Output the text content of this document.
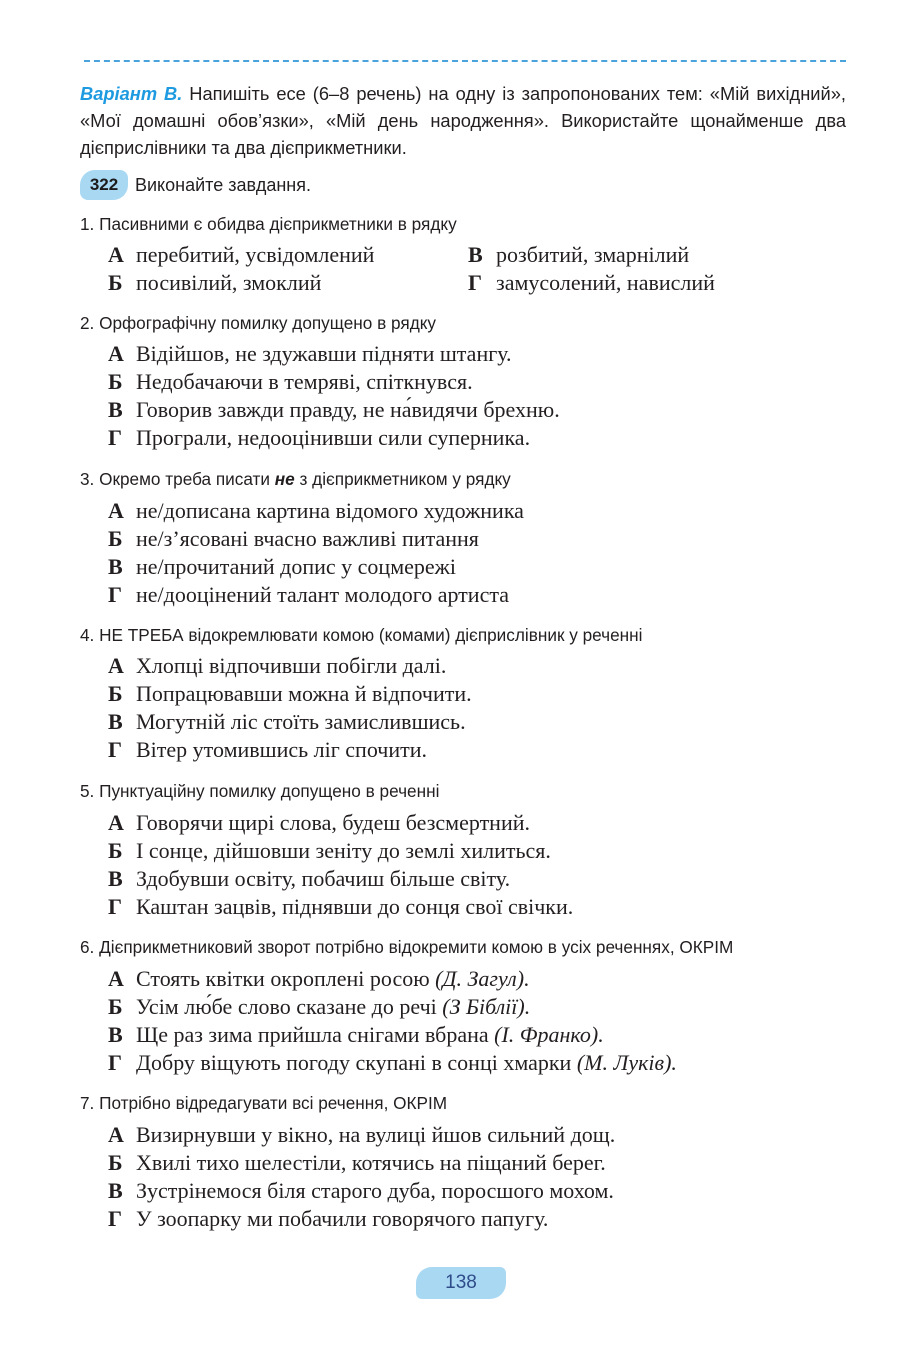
Варіант В. Напишіть есе (6–8 речень) на одну із запропонованих тем: «Мій вихідний», «Мої домашні обов’язки», «Мій день народження». Використайте щонайменше два дієприслівники та два дієприкметники.
322 Виконайте завдання.
1. Пасивними є обидва дієприкметники в рядку
А перебитий, усвідомлений	В розбитий, змарнілий
Б посивілий, змоклий	Г замусолений, навислий
2. Орфографічну помилку допущено в рядку
А Відійшов, не здужавши підняти штангу.
Б Недобачаючи в темряві, спіткнувся.
В Говорив завжди правду, не на́видячи брехню.
Г Програли, недооцінивши сили суперника.
3. Окремо треба писати не з дієприкметником у рядку
А не/дописана картина відомого художника
Б не/з’ясовані вчасно важливі питання
В не/прочитаний допис у соцмережі
Г не/дооцінений талант молодого артиста
4. НЕ ТРЕБА відокремлювати комою (комами) дієприслівник у реченні
А Хлопці відпочивши побігли далі.
Б Попрацювавши можна й відпочити.
В Могутній ліс стоїть замислившись.
Г Вітер утомившись ліг спочити.
5. Пунктуаційну помилку допущено в реченні
А Говорячи щирі слова, будеш безсмертний.
Б І сонце, дійшовши зеніту до землі хилиться.
В Здобувши освіту, побачиш більше світу.
Г Каштан зацвів, піднявши до сонця свої свічки.
6. Дієприкметниковий зворот потрібно відокремити комою в усіх реченнях, ОКРІМ
А Стоять квітки окроплені росою (Д. Загул).
Б Усім лю́бе слово сказане до речі (З Біблії).
В Ще раз зима прийшла снігами вбрана (І. Франко).
Г Добру віщують погоду скупані в сонці хмарки (М. Луків).
7. Потрібно відредагувати всі речення, ОКРІМ
А Визирнувши у вікно, на вулиці йшов сильний дощ.
Б Хвилі тихо шелестіли, котячись на піщаний берег.
В Зустрінемося біля старого дуба, поросшого мохом.
Г У зоопарку ми побачили говорячого папугу.
138
